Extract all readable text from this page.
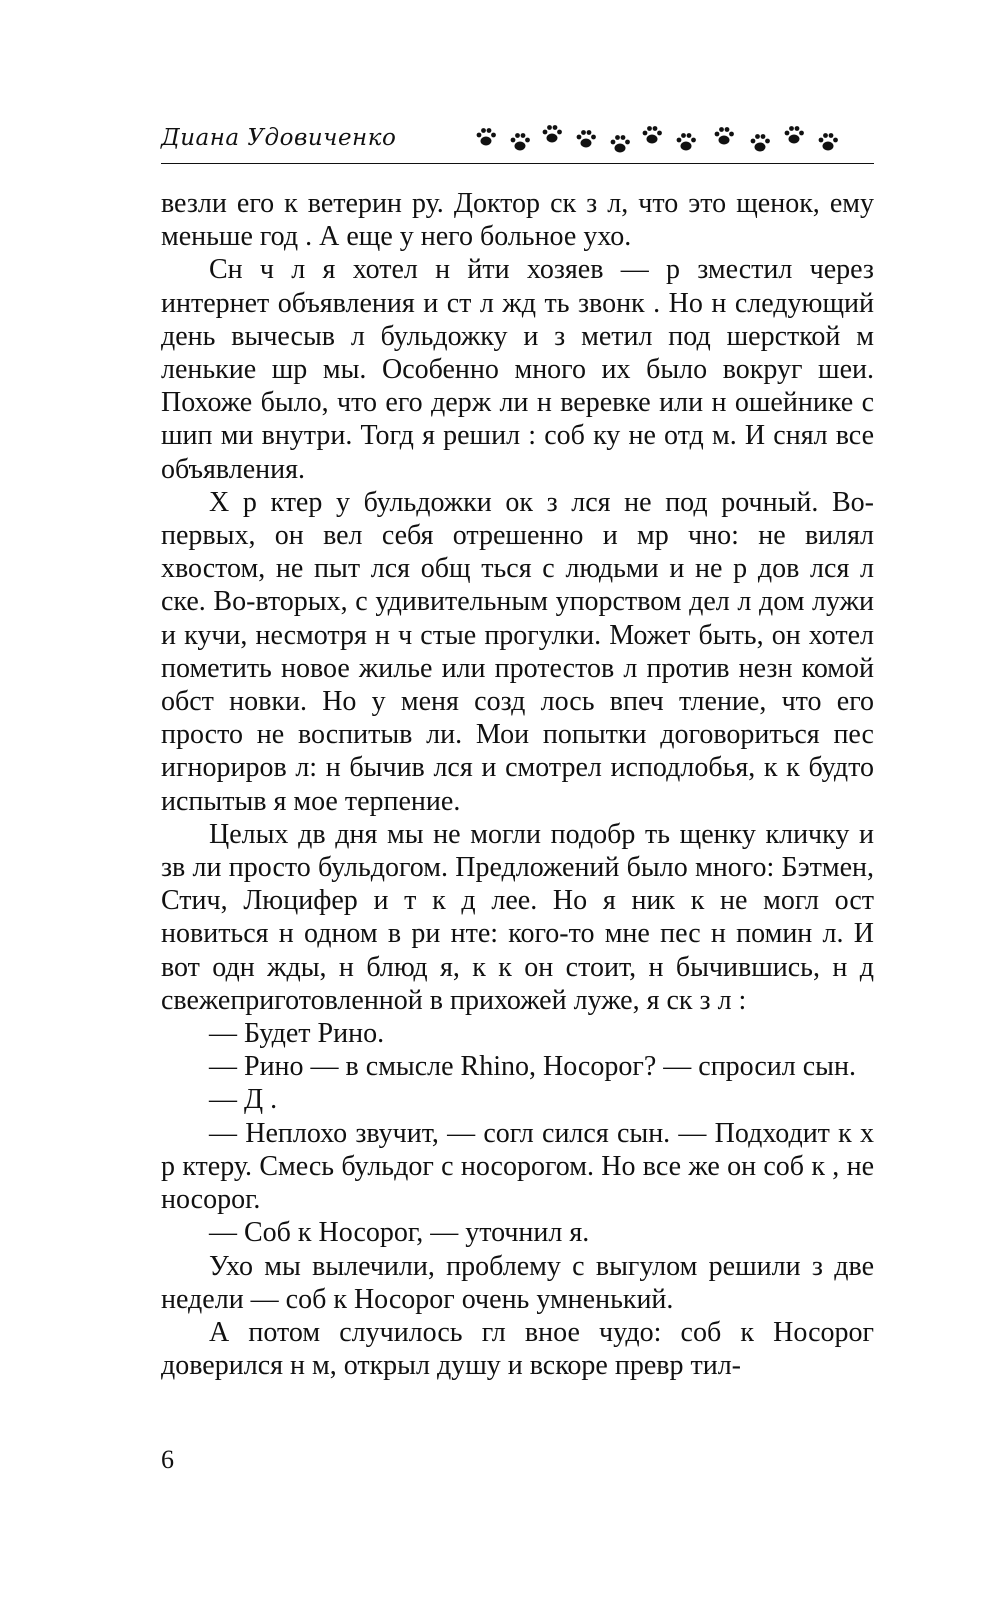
Диана Удовиченко

везли его к ветерин ру. Доктор ск з л, что это щенок, ему меньше год . А еще у него больное ухо.

Сн ч л я хотел н йти хозяев — р зместил через интернет объявления и ст л жд ть звонк . Но н следующий день вычесыв л бульдожку и з метил под шерсткой м ленькие шр мы. Особенно много их было вокруг шеи. Похоже было, что его держ ли н веревке или н ошейнике с шип ми внутри. Тогд я решил : соб ку не отд м. И снял все объявления.

Х р ктер у бульдожки ок з лся не под рочный. Во-первых, он вел себя отрешенно и мр чно: не вилял хвостом, не пыт лся общ ться с людьми и не р дов лся л ске. Во-вторых, с удивительным упорством дел л дом лужи и кучи, несмотря н ч стые прогулки. Может быть, он хотел пометить новое жилье или протестов л против незн комой обст новки. Но у меня созд лось впеч тление, что его просто не воспитыв ли. Мои попытки договориться пес игнориров л: н бычив лся и смотрел исподлобья, к к будто испытыв я мое терпение.

Целых дв дня мы не могли подобр ть щенку кличку и зв ли просто бульдогом. Предложений было много: Бэтмен, Стич, Люцифер и т к д лее. Но я ник к не могл ост новиться н одном в ри нте: кого-то мне пес н помин л. И вот одн жды, н блюд я, к к он стоит, н бычившись, н д свежеприготовленной в прихожей луже, я ск з л :

— Будет Рино.

— Рино — в смысле Rhino, Носорог? — спросил сын.

— Д .

— Неплохо звучит, — согл сился сын. — Подходит к х р ктеру. Смесь бульдог с носорогом. Но все же он соб к , не носорог.

— Соб к Носорог, — уточнил я.

Ухо мы вылечили, проблему с выгулом решили з две недели — соб к Носорог очень умненький.

А потом случилось гл вное чудо: соб к Носорог доверился н м, открыл душу и вскоре превр тил-

6
